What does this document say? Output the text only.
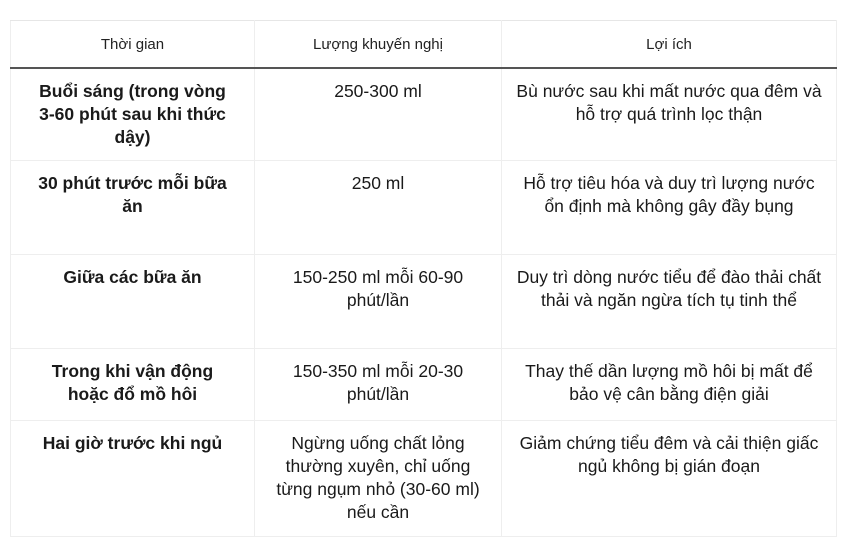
Thời gian	Lượng khuyến nghị	Lợi ích
Buổi sáng (trong vòng 3-60 phút sau khi thức dậy)	250-300 ml	Bù nước sau khi mất nước qua đêm và hỗ trợ quá trình lọc thận
30 phút trước mỗi bữa ăn	250 ml	Hỗ trợ tiêu hóa và duy trì lượng nước ổn định mà không gây đầy bụng
Giữa các bữa ăn	150-250 ml mỗi 60-90 phút/lần	Duy trì dòng nước tiểu để đào thải chất thải và ngăn ngừa tích tụ tinh thể
Trong khi vận động hoặc đổ mồ hôi	150-350 ml mỗi 20-30 phút/lần	Thay thế dần lượng mồ hôi bị mất để bảo vệ cân bằng điện giải
Hai giờ trước khi ngủ	Ngừng uống chất lỏng thường xuyên, chỉ uống từng ngụm nhỏ (30-60 ml) nếu cần	Giảm chứng tiểu đêm và cải thiện giấc ngủ không bị gián đoạn
